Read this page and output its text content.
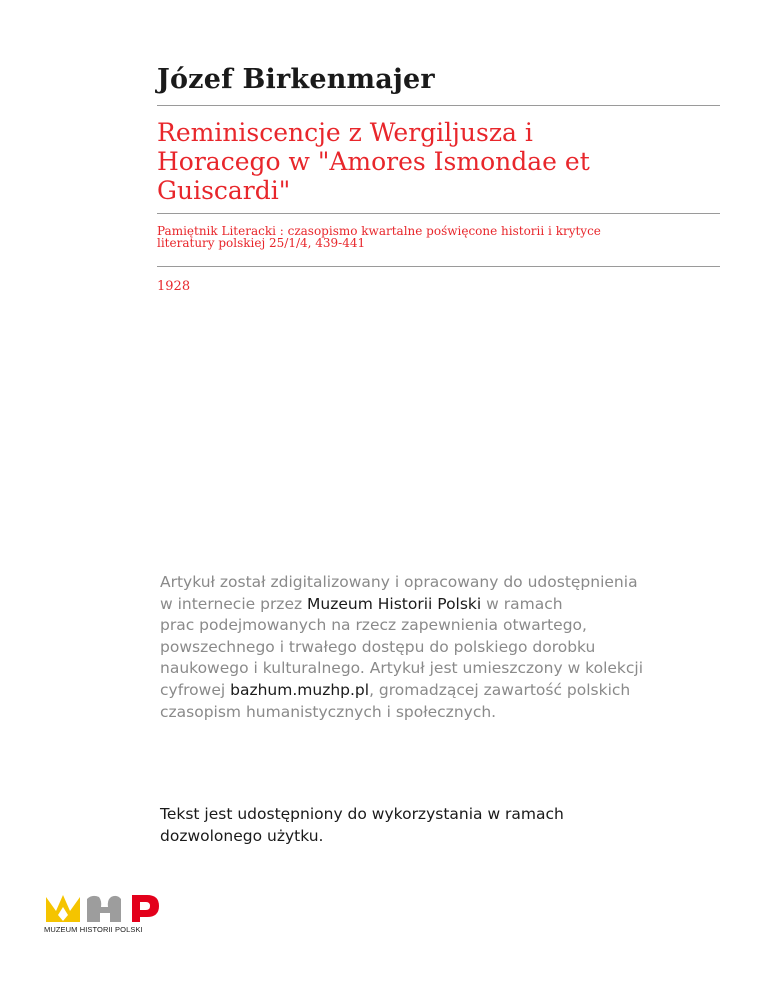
Józef Birkenmajer
Reminiscencje z Wergiljusza i
Horacego w "Amores Ismondae et
Guiscardi"
Pamiętnik Literacki : czasopismo kwartalne poświęcone historii i krytyce
literatury polskiej 25/1/4, 439-441
1928
Artykuł został zdigitalizowany i opracowany do udostępnienia
w internecie przez Muzeum Historii Polski w ramach
prac podejmowanych na rzecz zapewnienia otwartego,
powszechnego i trwałego dostępu do polskiego dorobku
naukowego i kulturalnego. Artykuł jest umieszczony w kolekcji
cyfrowej bazhum.muzhp.pl, gromadzącej zawartość polskich
czasopism humanistycznych i społecznych.
Tekst jest udostępniony do wykorzystania w ramach
dozwolonego użytku.
MUZEUM HISTORII POLSKI
